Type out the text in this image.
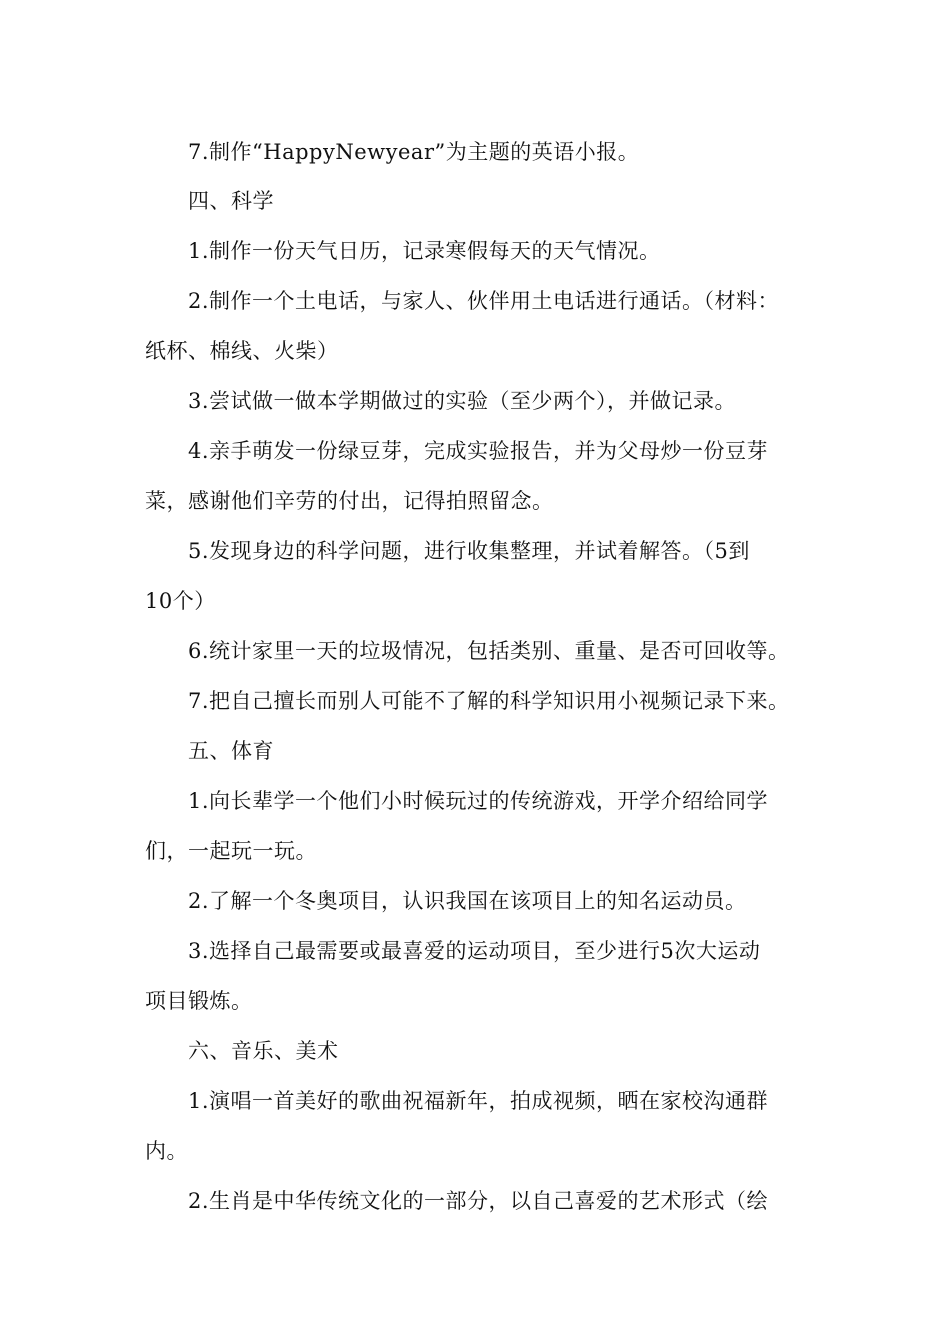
7.制作“HappyNewyear”为主题的英语小报。
四、科学
1.制作一份天气日历，记录寒假每天的天气情况。
2.制作一个土电话，与家人、伙伴用土电话进行通话。（材料：
纸杯、棉线、火柴）
3.尝试做一做本学期做过的实验（至少两个），并做记录。
4.亲手萌发一份绿豆芽，完成实验报告，并为父母炒一份豆芽
菜，感谢他们辛劳的付出，记得拍照留念。
5.发现身边的科学问题，进行收集整理，并试着解答。（5到
10个）
6.统计家里一天的垃圾情况，包括类别、重量、是否可回收等。
7.把自己擅长而别人可能不了解的科学知识用小视频记录下来。
五、体育
1.向长辈学一个他们小时候玩过的传统游戏，开学介绍给同学
们，一起玩一玩。
2.了解一个冬奥项目，认识我国在该项目上的知名运动员。
3.选择自己最需要或最喜爱的运动项目，至少进行5次大运动
项目锻炼。
六、音乐、美术
1.演唱一首美好的歌曲祝福新年，拍成视频，晒在家校沟通群
内。
2.生肖是中华传统文化的一部分，以自己喜爱的艺术形式（绘
